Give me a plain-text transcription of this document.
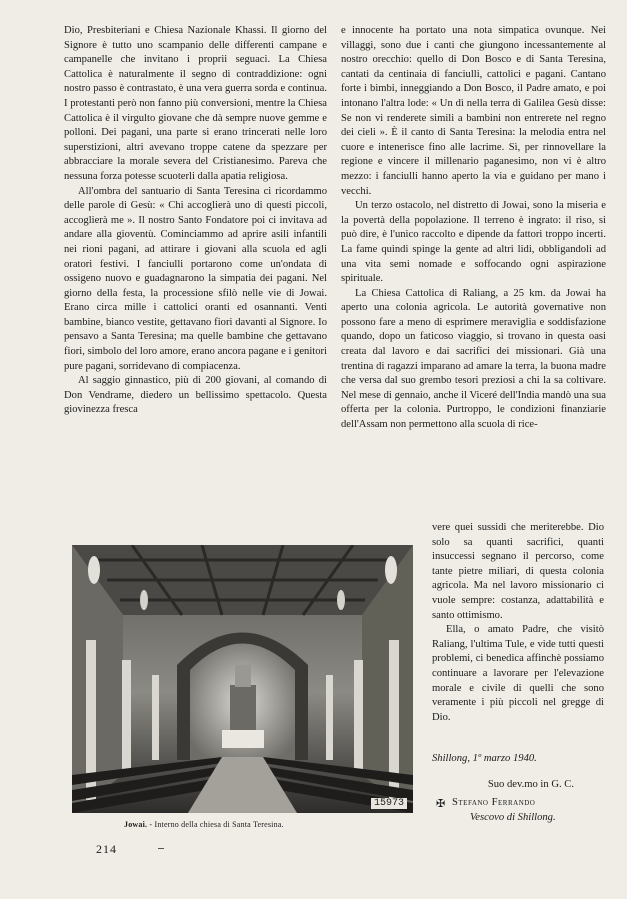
Dio, Presbiteriani e Chiesa Nazionale Khassi. Il giorno del Signore è tutto uno scampanio delle differenti campane e campanelle che invitano i proprii seguaci. La Chiesa Cattolica è naturalmente il segno di contraddizione: ogni nostro passo è contrastato, è una vera guerra sorda e continua. I protestanti però non fanno più conversioni, mentre la Chiesa Cattolica è il virgulto giovane che dà sempre nuove gemme e polloni. Dei pagani, una parte si erano trincerati nelle loro superstizioni, altri avevano troppe catene da spezzare per abbracciare la morale severa del Cristianesimo. Pareva che nessuna forza potesse scuoterli dalla apatia religiosa.

All'ombra del santuario di Santa Teresina ci ricordammo delle parole di Gesù: « Chi accoglierà uno di questi piccoli, accoglierà me ». Il nostro Santo Fondatore poi ci invitava ad andare alla gioventù. Cominciammo ad aprire asili infantili nei rioni pagani, ad attirare i giovani alla scuola ed agli oratori festivi. I fanciulli portarono come un'ondata di ossigeno nuovo e guadagnarono la simpatia dei pagani. Nel giorno della festa, la processione sfilò nelle vie di Jowai. Erano circa mille i cattolici oranti ed osannanti. Venti bambine, bianco vestite, gettavano fiori davanti al Signore. Io pensavo a Santa Teresina; ma quelle bambine che gettavano fiori, simbolo del loro amore, erano ancora pagane e i genitori pure pagani, sorridevano di compiacenza.

Al saggio ginnastico, più di 200 giovani, al comando di Don Vendrame, diedero un bellissimo spettacolo. Questa giovinezza fresca

e innocente ha portato una nota simpatica ovunque. Nei villaggi, sono due i canti che giungono incessantemente al nostro orecchio: quello di Don Bosco e di Santa Teresina, cantati da centinaia di fanciulli, cattolici e pagani. Cantano forte i bimbi, inneggiando a Don Bosco, il Padre amato, e poi intonano l'altra lode: « Un dì nella terra di Galilea Gesù disse: Se non vi renderete simili a bambini non entrerete nel regno dei cieli ». È il canto di Santa Teresina: la melodia entra nel cuore e intenerisce fino alle lacrime. Sì, per rinnovellare la regione e vincere il millenario paganesimo, non vi è altro mezzo: i fanciulli hanno aperto la via e guidano per mano i vecchi.

Un terzo ostacolo, nel distretto di Jowai, sono la miseria e la povertà della popolazione. Il terreno è ingrato: il riso, si può dire, è l'unico raccolto e dipende da fattori troppo incerti. La fame quindi spinge la gente ad altri lidi, obbligandoli ad una vita semi nomade e soffocando ogni aspirazione spirituale.

La Chiesa Cattolica di Raliang, a 25 km. da Jowai ha aperto una colonia agricola. Le autorità governative non possono fare a meno di esprimere meraviglia e soddisfazione quando, dopo un faticoso viaggio, si trovano in questa oasi creata dal lavoro e dai sacrifici dei missionari. Già una trentina di ragazzi imparano ad amare la terra, la buona madre che versa dal suo grembo tesori preziosi a chi la sa coltivare. Nel mese di gennaio, anche il Viceré dell'India mandò una sua offerta per la colonia. Purtroppo, le condizioni finanziarie dell'Assam non permettono alla scuola di rice-

vere quei sussidi che meriterebbe. Dio solo sa quanti sacrifici, quanti insuccessi segnano il percorso, come tante pietre miliari, di questa colonia agricola. Ma nel lavoro missionario ci vuole sempre: costanza, adattabilità e santo ottimismo.

Ella, o amato Padre, che visitò Raliang, l'ultima Tule, e vide tutti questi problemi, ci benedica affinchè possiamo continuare a lavorare per l'elevazione morale e civile di quelli che sono veramente i più piccoli nel gregge di Dio.

Shillong, 1º marzo 1940.
Suo dev.mo in G. C.
✠ Stefano Ferrando
Vescovo di Shillong.
15973
Jowai. - Interno della chiesa di Santa Teresina.
214
